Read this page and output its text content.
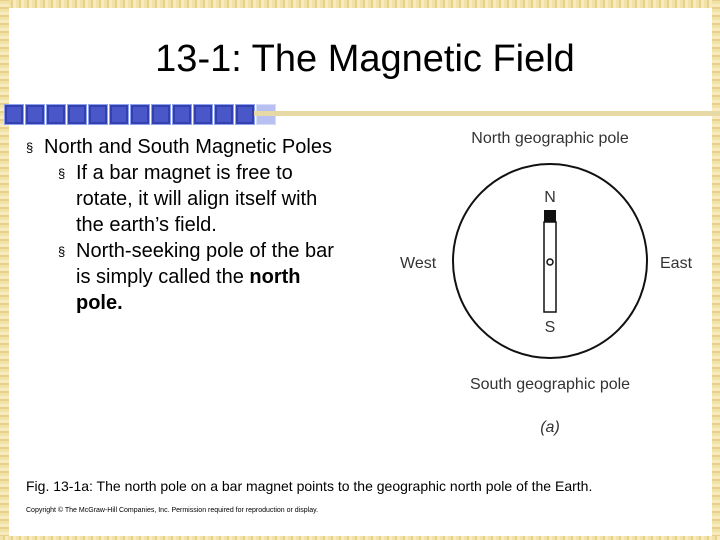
13-1: The Magnetic Field
§ North and South Magnetic Poles
§ If a bar magnet is free to rotate, it will align itself with the earth’s field.
§ North-seeking pole of the bar is simply called the north pole.
North geographic pole
N
S
West	East
South geographic pole
(a)
Fig. 13-1a: The north pole on a bar magnet points to the geographic north pole of the Earth.
Copyright © The McGraw-Hill Companies, Inc. Permission required for reproduction or display.
